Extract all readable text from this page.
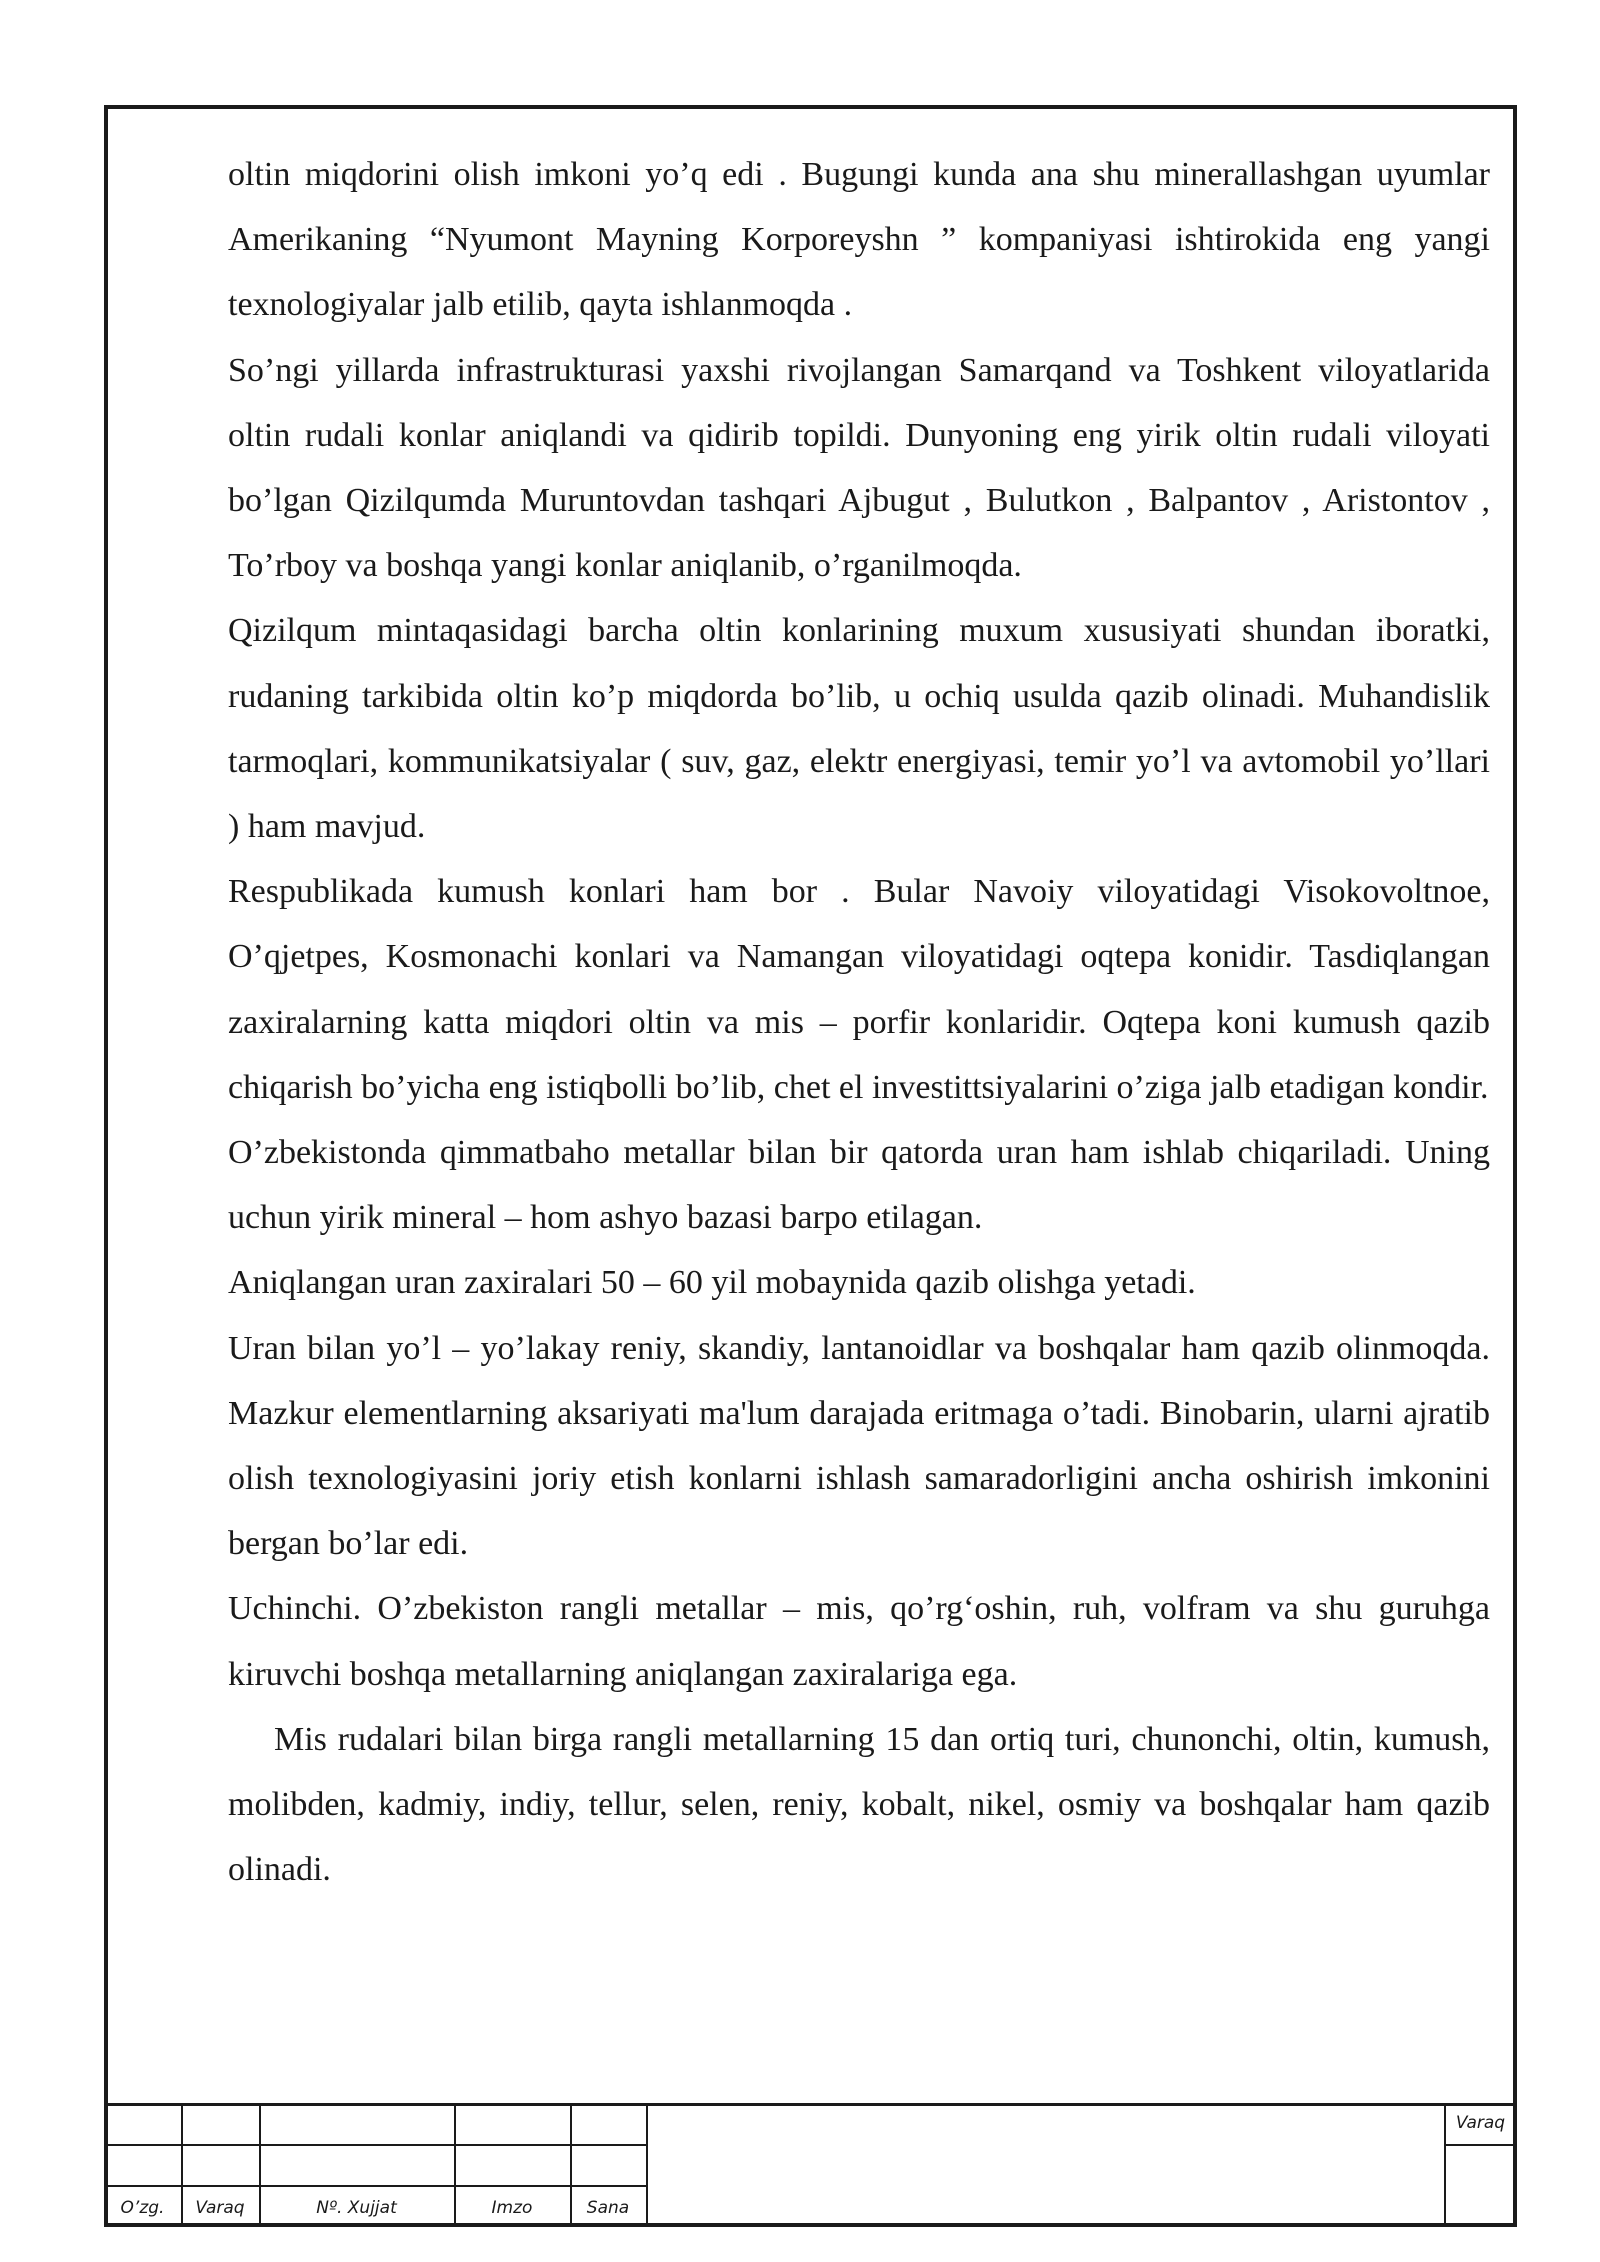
oltin miqdorini olish imkoni yo’q edi . Bugungi kunda ana shu minerallashgan uyumlar Amerikaning “Nyumont Mayning Korporeyshn ” kompaniyasi ishtirokida eng yangi texnologiyalar jalb etilib, qayta ishlanmoqda .

So’ngi yillarda infrastrukturasi yaxshi rivojlangan Samarqand va Toshkent viloyatlarida oltin rudali konlar aniqlandi va qidirib topildi. Dunyoning eng yirik oltin rudali viloyati bo’lgan Qizilqumda Muruntovdan tashqari Ajbugut , Bulutkon , Balpantov , Aristontov , To’rboy va boshqa yangi konlar aniqlanib, o’rganilmoqda.

Qizilqum mintaqasidagi barcha oltin konlarining muxum xususiyati shundan iboratki, rudaning tarkibida oltin ko’p miqdorda bo’lib, u ochiq usulda qazib olinadi. Muhandislik tarmoqlari, kommunikatsiyalar ( suv, gaz, elektr energiyasi, temir yo’l va avtomobil yo’llari ) ham mavjud.

Respublikada kumush konlari ham bor . Bular Navoiy viloyatidagi Visokovoltnoe, O’qjetpes, Kosmonachi konlari va Namangan viloyatidagi oqtepa konidir. Tasdiqlangan zaxiralarning katta miqdori oltin va mis – porfir konlaridir. Oqtepa koni kumush qazib chiqarish bo’yicha eng istiqbolli bo’lib, chet el investittsiyalarini o’ziga jalb etadigan kondir.

O’zbekistonda qimmatbaho metallar bilan bir qatorda uran ham ishlab chiqariladi. Uning uchun yirik mineral – hom ashyo bazasi barpo etilagan.

Aniqlangan uran zaxiralari 50 – 60 yil mobaynida qazib olishga yetadi.

Uran bilan yo’l – yo’lakay reniy, skandiy, lantanoidlar va boshqalar ham qazib olinmoqda. Mazkur elementlarning aksariyati ma'lum darajada eritmaga o’tadi. Binobarin, ularni ajratib olish texnologiyasini joriy etish konlarni ishlash samaradorligini ancha oshirish imkonini bergan bo’lar edi.

Uchinchi. O’zbekiston rangli metallar – mis, qo’rg‘oshin, ruh, volfram va shu guruhga kiruvchi boshqa metallarning aniqlangan zaxiralariga ega.

Mis rudalari bilan birga rangli metallarning 15 dan ortiq turi, chunonchi, oltin, kumush, molibden, kadmiy, indiy, tellur, selen, reniy, kobalt, nikel, osmiy va boshqalar ham qazib olinadi.

O’zg.	Varaq	Nº. Xujjat	Imzo	Sana
Varaq
